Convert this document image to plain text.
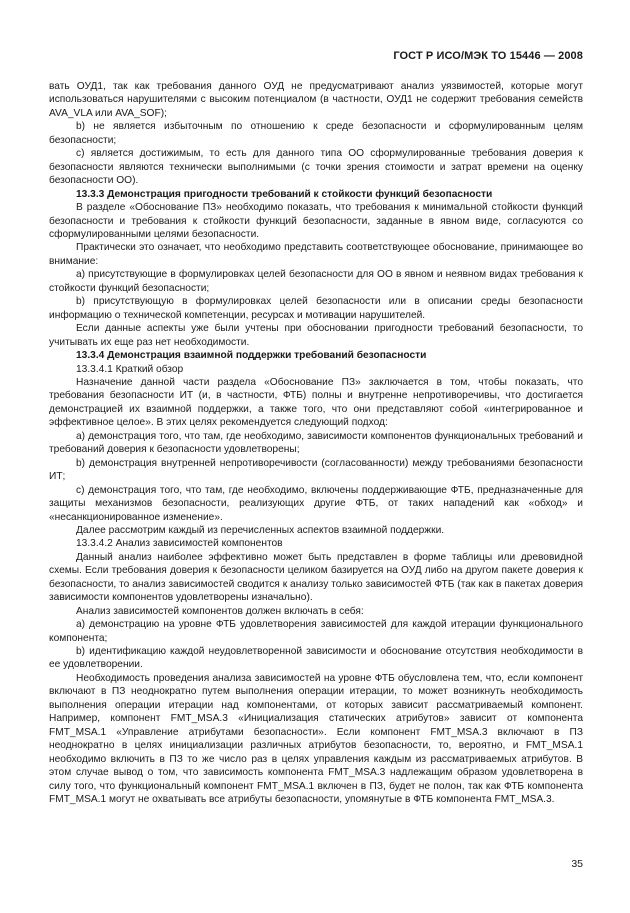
ГОСТ Р ИСО/МЭК ТО 15446 — 2008

вать ОУД1, так как требования данного ОУД не предусматривают анализ уязвимостей, которые могут использоваться нарушителями с высоким потенциалом (в частности, ОУД1 не содержит требования семейств AVA_VLA или AVA_SOF);

b) не является избыточным по отношению к среде безопасности и сформулированным целям безопасности;

с) является достижимым, то есть для данного типа ОО сформулированные требования доверия к безопасности являются технически выполнимыми (с точки зрения стоимости и затрат времени на оценку безопасности ОО).

13.3.3 Демонстрация пригодности требований к стойкости функций безопасности

В разделе «Обоснование ПЗ» необходимо показать, что требования к минимальной стойкости функций безопасности и требования к стойкости функций безопасности, заданные в явном виде, согласуются со сформулированными целями безопасности.

Практически это означает, что необходимо представить соответствующее обоснование, принимающее во внимание:

а) присутствующие в формулировках целей безопасности для ОО в явном и неявном видах требования к стойкости функций безопасности;

b) присутствующую в формулировках целей безопасности или в описании среды безопасности информацию о технической компетенции, ресурсах и мотивации нарушителей.

Если данные аспекты уже были учтены при обосновании пригодности требований безопасности, то учитывать их еще раз нет необходимости.

13.3.4 Демонстрация взаимной поддержки требований безопасности

13.3.4.1 Краткий обзор

Назначение данной части раздела «Обоснование ПЗ» заключается в том, чтобы показать, что требования безопасности ИТ (и, в частности, ФТБ) полны и внутренне непротиворечивы, что достигается демонстрацией их взаимной поддержки, а также того, что они представляют собой «интегрированное и эффективное целое». В этих целях рекомендуется следующий подход:

а) демонстрация того, что там, где необходимо, зависимости компонентов функциональных требований и требований доверия к безопасности удовлетворены;

b) демонстрация внутренней непротиворечивости (согласованности) между требованиями безопасности ИТ;

с) демонстрация того, что там, где необходимо, включены поддерживающие ФТБ, предназначенные для защиты механизмов безопасности, реализующих другие ФТБ, от таких нападений как «обход» и «несанкционированное изменение».

Далее рассмотрим каждый из перечисленных аспектов взаимной поддержки.

13.3.4.2 Анализ зависимостей компонентов

Данный анализ наиболее эффективно может быть представлен в форме таблицы или древовидной схемы. Если требования доверия к безопасности целиком базируется на ОУД либо на другом пакете доверия к безопасности, то анализ зависимостей сводится к анализу только зависимостей ФТБ (так как в пакетах доверия зависимости компонентов удовлетворены изначально).

Анализ зависимостей компонентов должен включать в себя:

а) демонстрацию на уровне ФТБ удовлетворения зависимостей для каждой итерации функционального компонента;

b) идентификацию каждой неудовлетворенной зависимости и обоснование отсутствия необходимости в ее удовлетворении.

Необходимость проведения анализа зависимостей на уровне ФТБ обусловлена тем, что, если компонент включают в ПЗ неоднократно путем выполнения операции итерации, то может возникнуть необходимость выполнения операции итерации над компонентами, от которых зависит рассматриваемый компонент. Например, компонент FMT_MSA.3 «Инициализация статических атрибутов» зависит от компонента FMT_MSA.1 «Управление атрибутами безопасности». Если компонент FMT_MSA.3 включают в ПЗ неоднократно в целях инициализации различных атрибутов безопасности, то, вероятно, и FMT_MSA.1 необходимо включить в ПЗ то же число раз в целях управления каждым из рассматриваемых атрибутов. В этом случае вывод о том, что зависимость компонента FMT_MSA.3 надлежащим образом удовлетворена в силу того, что функциональный компонент FMT_MSA.1 включен в ПЗ, будет не полон, так как ФТБ компонента FMT_MSA.1 могут не охватывать все атрибуты безопасности, упомянутые в ФТБ компонента FMT_MSA.3.

35
